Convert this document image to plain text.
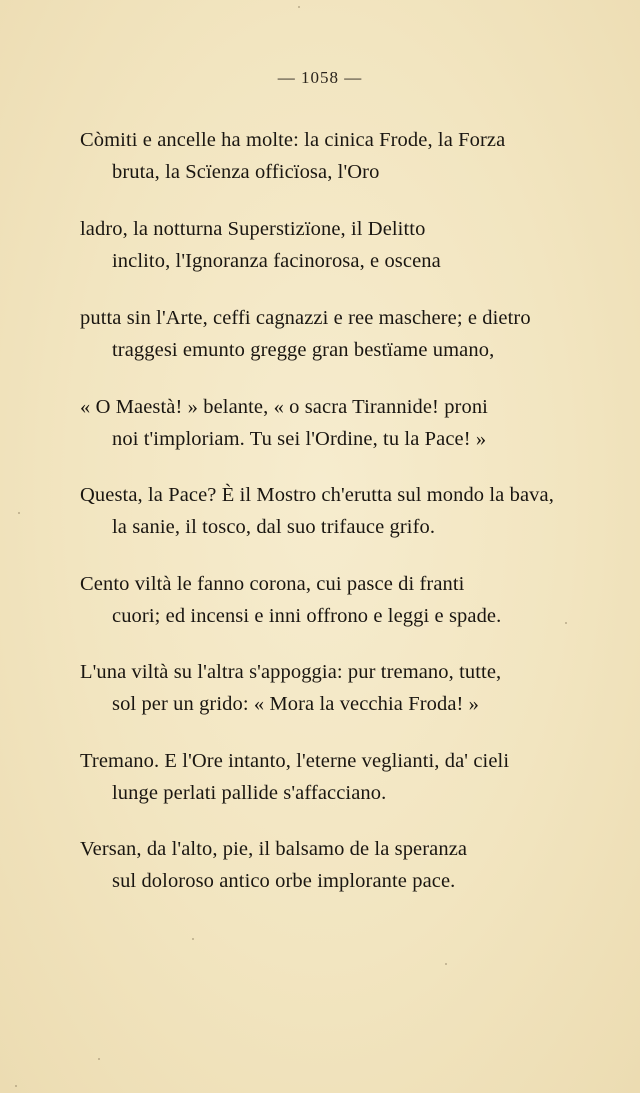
— 1058 —
Còmiti e ancelle ha molte: la cinica Frode, la Forza
bruta, la Scïenza officïosa, l'Oro
ladro, la notturna Superstizïone, il Delitto
inclito, l'Ignoranza facinorosa, e oscena
putta sin l'Arte, ceffi cagnazzi e ree maschere; e dietro
traggesi emunto gregge gran bestïame umano,
« O Maestà! » belante, « o sacra Tirannide! proni
noi t'imploriam. Tu sei l'Ordine, tu la Pace! »
Questa, la Pace? È il Mostro ch'erutta sul mondo la bava,
la sanie, il tosco, dal suo trifauce grifo.
Cento viltà le fanno corona, cui pasce di franti
cuori; ed incensi e inni offrono e leggi e spade.
L'una viltà su l'altra s'appoggia: pur tremano, tutte,
sol per un grido: « Mora la vecchia Froda! »
Tremano. E l'Ore intanto, l'eterne veglianti, da' cieli
lunge perlati pallide s'affacciano.
Versan, da l'alto, pie, il balsamo de la speranza
sul doloroso antico orbe implorante pace.
